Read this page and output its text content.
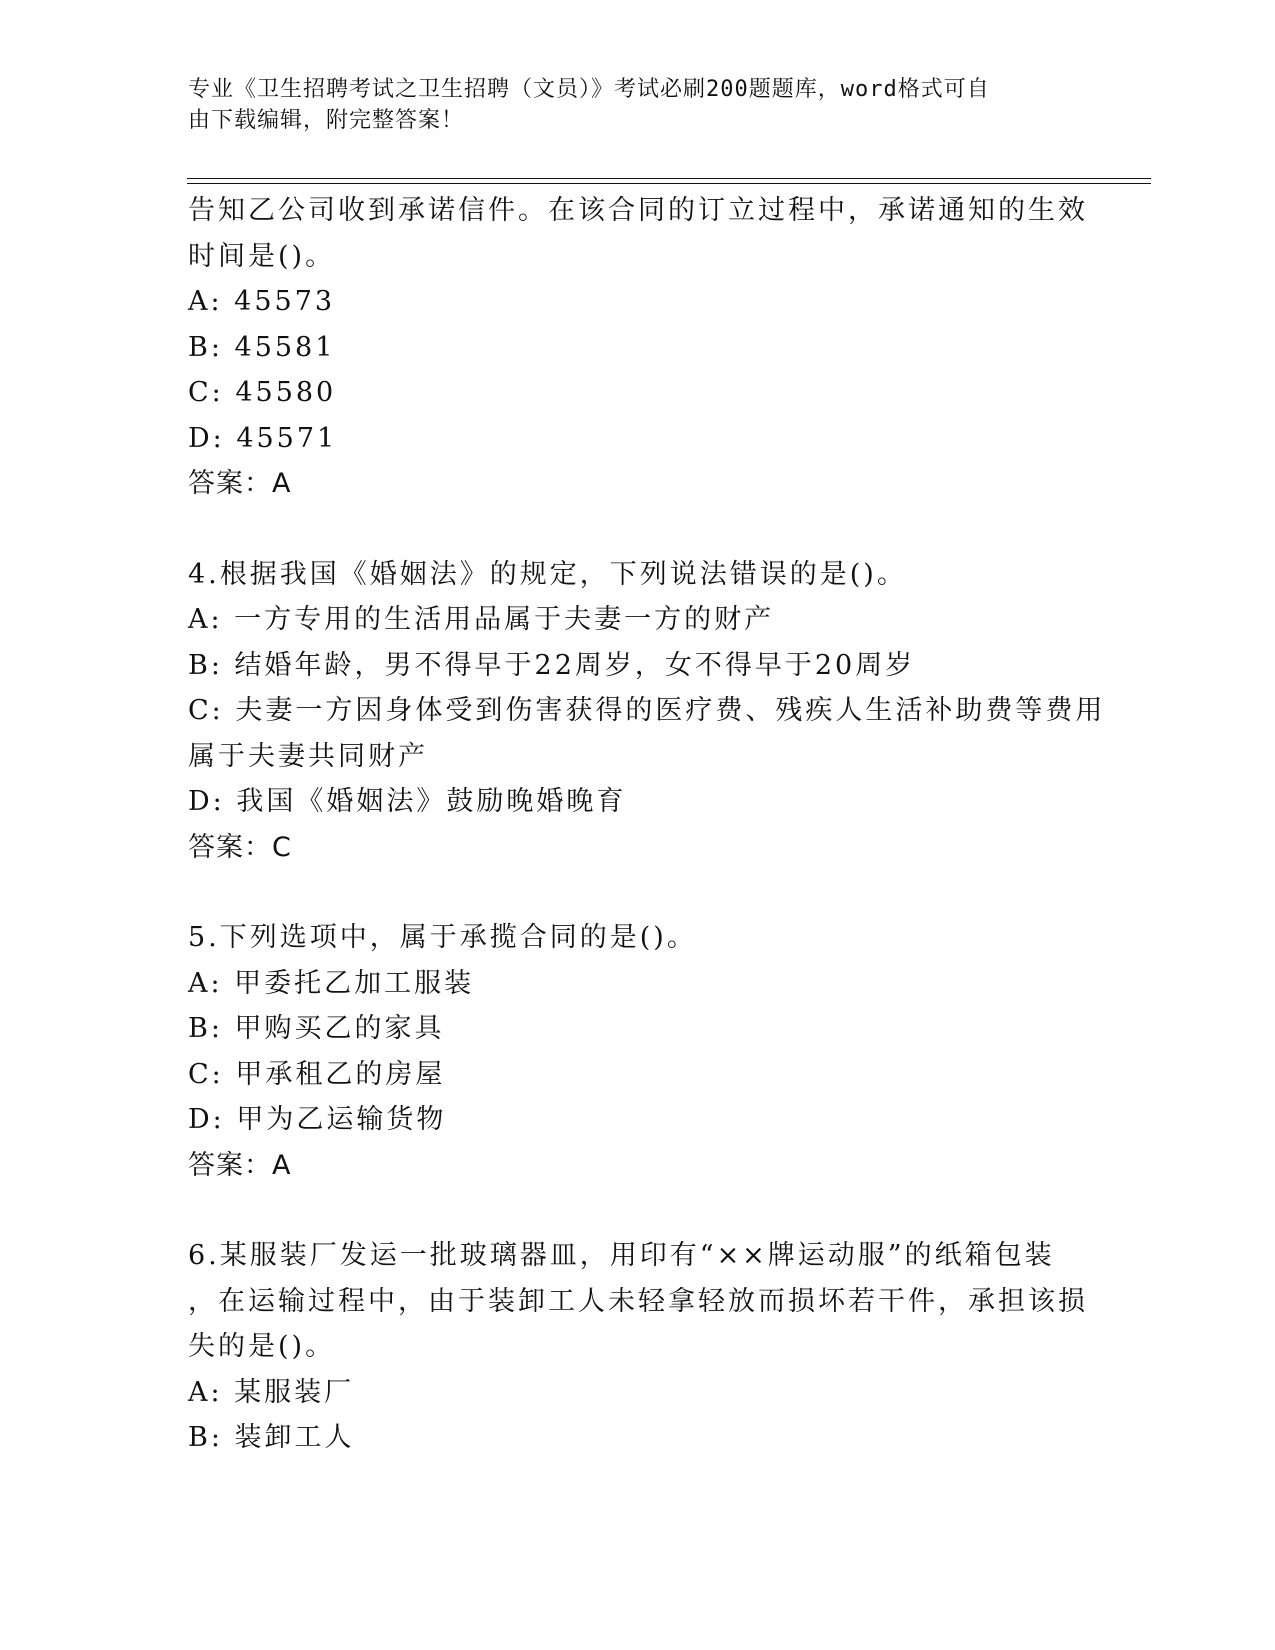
专业《卫生招聘考试之卫生招聘（文员）》考试必刷200题题库，word格式可自
由下载编辑，附完整答案！
告知乙公司收到承诺信件。在该合同的订立过程中，承诺通知的生效
时间是()。
A: 45573
B: 45581
C: 45580
D: 45571
答案：A
4.根据我国《婚姻法》的规定，下列说法错误的是()。
A: 一方专用的生活用品属于夫妻一方的财产
B: 结婚年龄，男不得早于22周岁，女不得早于20周岁
C: 夫妻一方因身体受到伤害获得的医疗费、残疾人生活补助费等费用
属于夫妻共同财产
D: 我国《婚姻法》鼓励晚婚晚育
答案：C
5.下列选项中，属于承揽合同的是()。
A: 甲委托乙加工服装
B: 甲购买乙的家具
C: 甲承租乙的房屋
D: 甲为乙运输货物
答案：A
6.某服装厂发运一批玻璃器皿，用印有“××牌运动服”的纸箱包装
，在运输过程中，由于装卸工人未轻拿轻放而损坏若干件，承担该损
失的是()。
A: 某服装厂
B: 装卸工人
